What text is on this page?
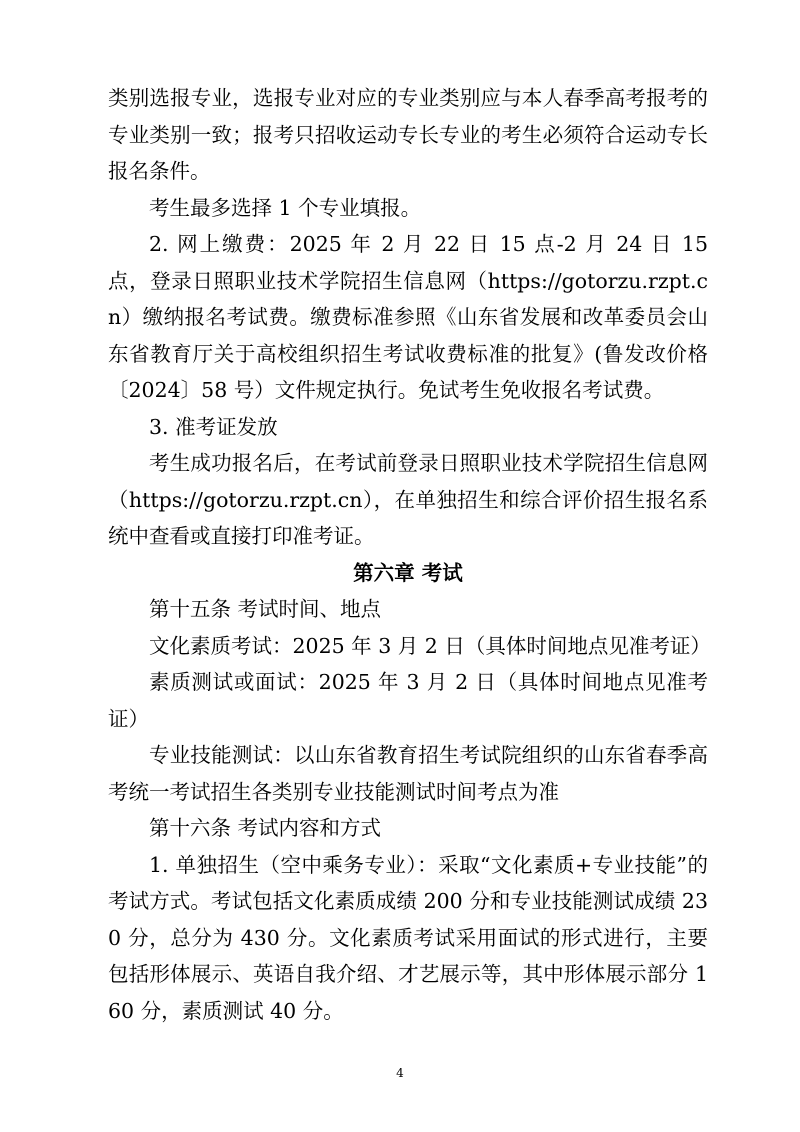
类别选报专业，选报专业对应的专业类别应与本人春季高考报考的专业类别一致；报考只招收运动专长专业的考生必须符合运动专长报名条件。

考生最多选择 1 个专业填报。

2. 网上缴费：2025 年 2 月 22 日 15 点-2 月 24 日 15 点，登录日照职业技术学院招生信息网（https://gotorzu.rzpt.cn）缴纳报名考试费。缴费标准参照《山东省发展和改革委员会山东省教育厅关于高校组织招生考试收费标准的批复》(鲁发改价格〔2024〕58 号）文件规定执行。免试考生免收报名考试费。

3. 准考证发放

考生成功报名后，在考试前登录日照职业技术学院招生信息网（https://gotorzu.rzpt.cn），在单独招生和综合评价招生报名系统中查看或直接打印准考证。

第六章 考试

第十五条 考试时间、地点

文化素质考试：2025 年 3 月 2 日（具体时间地点见准考证）

素质测试或面试：2025 年 3 月 2 日（具体时间地点见准考证）

专业技能测试：以山东省教育招生考试院组织的山东省春季高考统一考试招生各类别专业技能测试时间考点为准

第十六条 考试内容和方式

1. 单独招生（空中乘务专业）：采取“文化素质+专业技能”的考试方式。考试包括文化素质成绩 200 分和专业技能测试成绩 230 分，总分为 430 分。文化素质考试采用面试的形式进行，主要包括形体展示、英语自我介绍、才艺展示等，其中形体展示部分 160 分，素质测试 40 分。

4
